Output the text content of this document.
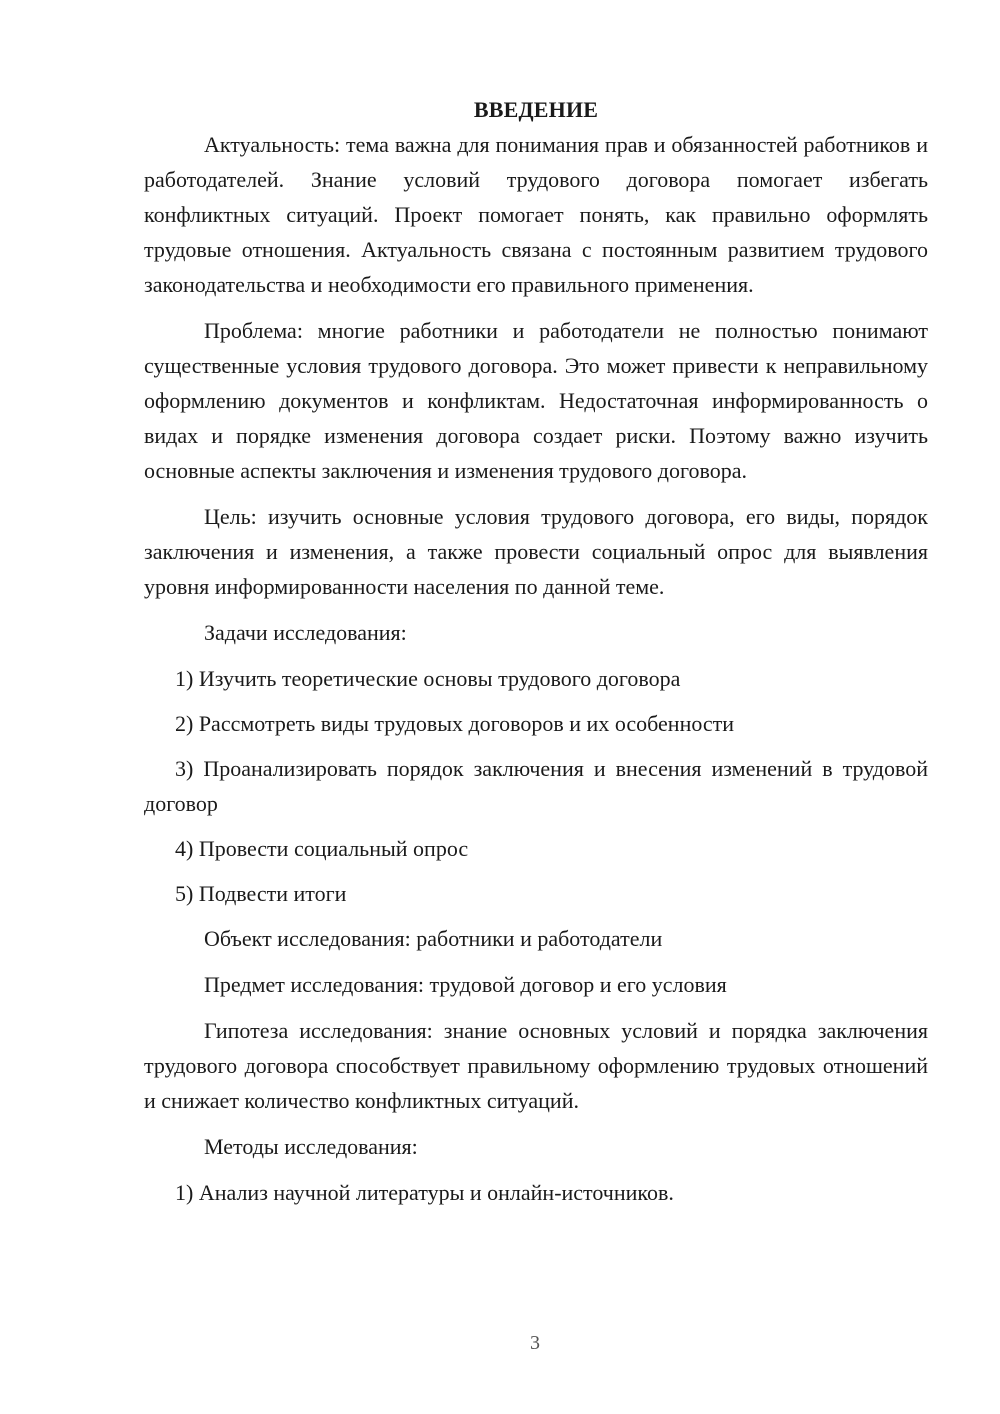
ВВЕДЕНИЕ

Актуальность: тема важна для понимания прав и обязанностей работников и работодателей. Знание условий трудового договора помогает избегать конфликтных ситуаций. Проект помогает понять, как правильно оформлять трудовые отношения. Актуальность связана с постоянным развитием трудового законодательства и необходимости его правильного применения.

Проблема: многие работники и работодатели не полностью понимают существенные условия трудового договора. Это может привести к неправильному оформлению документов и конфликтам. Недостаточная информированность о видах и порядке изменения договора создает риски. Поэтому важно изучить основные аспекты заключения и изменения трудового договора.

Цель: изучить основные условия трудового договора, его виды, порядок заключения и изменения, а также провести социальный опрос для выявления уровня информированности населения по данной теме.

Задачи исследования:

1) Изучить теоретические основы трудового договора

2) Рассмотреть виды трудовых договоров и их особенности

3) Проанализировать порядок заключения и внесения изменений в трудовой договор

4) Провести социальный опрос

5) Подвести итоги

Объект исследования: работники и работодатели

Предмет исследования: трудовой договор и его условия

Гипотеза исследования: знание основных условий и порядка заключения трудового договора способствует правильному оформлению трудовых отношений и снижает количество конфликтных ситуаций.

Методы исследования:

1) Анализ научной литературы и онлайн-источников.

3
